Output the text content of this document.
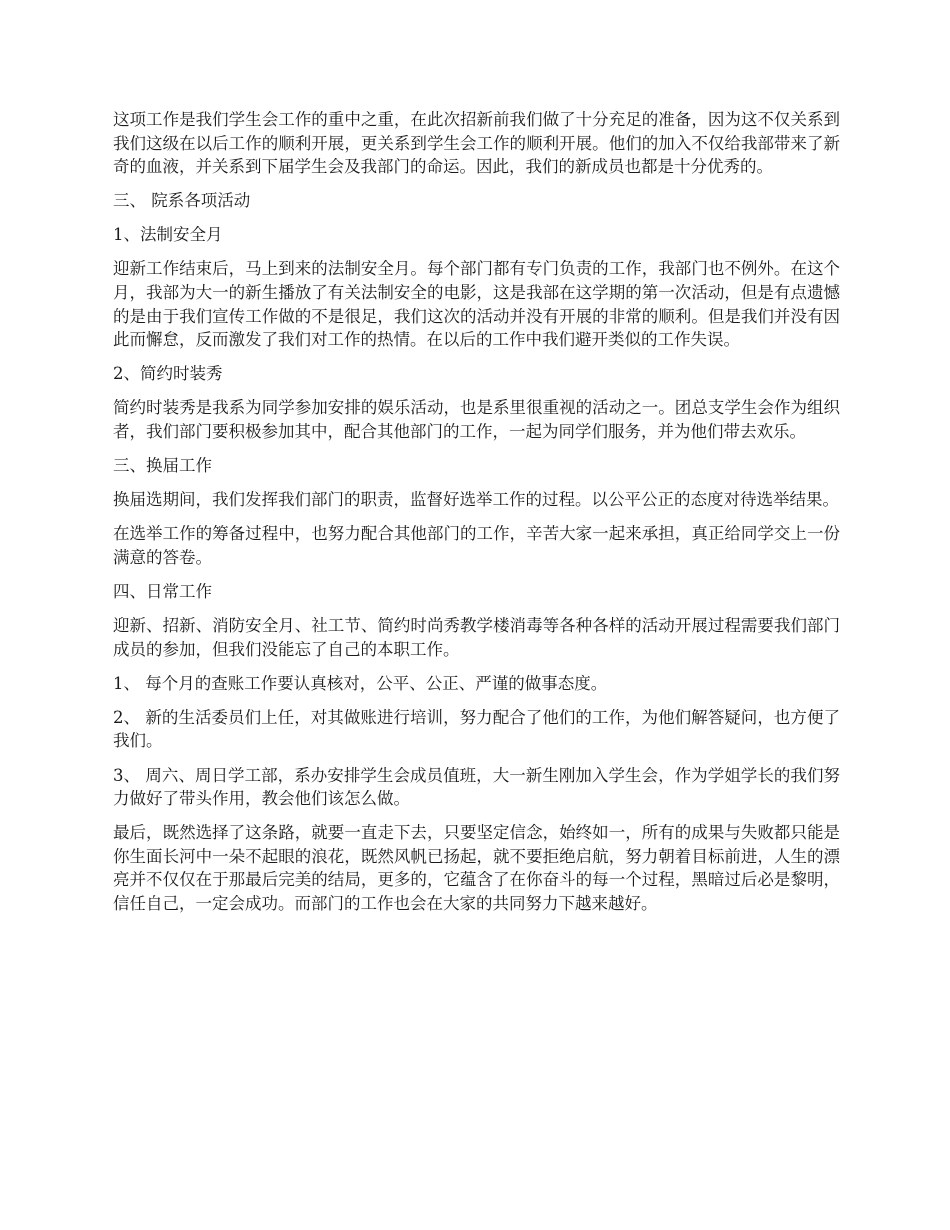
这项工作是我们学生会工作的重中之重，在此次招新前我们做了十分充足的准备，因为这不仅关系到我们这级在以后工作的顺利开展，更关系到学生会工作的顺利开展。他们的加入不仅给我部带来了新奇的血液，并关系到下届学生会及我部门的命运。因此，我们的新成员也都是十分优秀的。

三、 院系各项活动

1、法制安全月

迎新工作结束后，马上到来的法制安全月。每个部门都有专门负责的工作，我部门也不例外。在这个月，我部为大一的新生播放了有关法制安全的电影，这是我部在这学期的第一次活动，但是有点遗憾的是由于我们宣传工作做的不是很足，我们这次的活动并没有开展的非常的顺利。但是我们并没有因此而懈怠，反而激发了我们对工作的热情。在以后的工作中我们避开类似的工作失误。

2、简约时装秀

简约时装秀是我系为同学参加安排的娱乐活动，也是系里很重视的活动之一。团总支学生会作为组织者，我们部门要积极参加其中，配合其他部门的工作，一起为同学们服务，并为他们带去欢乐。

三、换届工作

换届选期间，我们发挥我们部门的职责，监督好选举工作的过程。以公平公正的态度对待选举结果。

在选举工作的筹备过程中，也努力配合其他部门的工作，辛苦大家一起来承担，真正给同学交上一份满意的答卷。

四、日常工作

迎新、招新、消防安全月、社工节、简约时尚秀教学楼消毒等各种各样的活动开展过程需要我们部门成员的参加，但我们没能忘了自己的本职工作。

1、 每个月的查账工作要认真核对，公平、公正、严谨的做事态度。

2、 新的生活委员们上任，对其做账进行培训，努力配合了他们的工作，为他们解答疑问，也方便了我们。

3、 周六、周日学工部，系办安排学生会成员值班，大一新生刚加入学生会，作为学姐学长的我们努力做好了带头作用，教会他们该怎么做。

最后，既然选择了这条路，就要一直走下去，只要坚定信念，始终如一，所有的成果与失败都只能是你生面长河中一朵不起眼的浪花，既然风帆已扬起，就不要拒绝启航，努力朝着目标前进，人生的漂亮并不仅仅在于那最后完美的结局，更多的，它蕴含了在你奋斗的每一个过程，黑暗过后必是黎明，信任自己，一定会成功。而部门的工作也会在大家的共同努力下越来越好。
